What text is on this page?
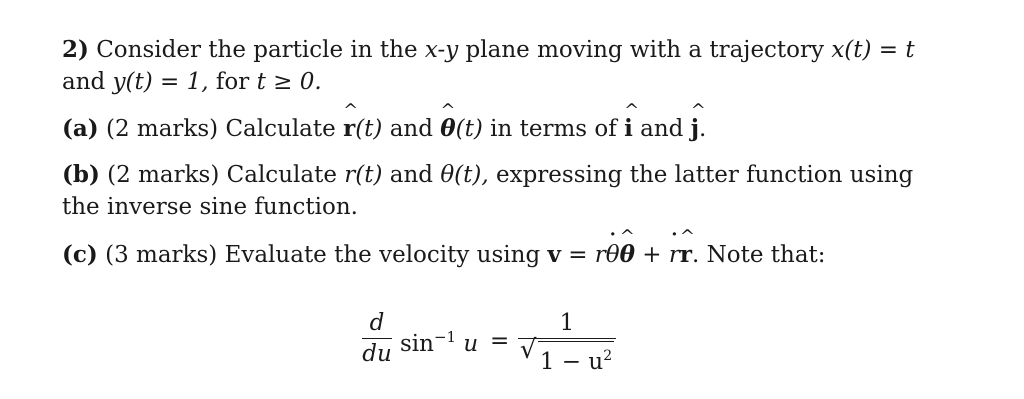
2) Consider the particle in the x-y plane moving with a trajectory x(t) = t
and y(t) = 1, for t ≥ 0.

(a) (2 marks) Calculate
^
r(t) and
^
θ(t) in terms of
^
i and
^
j.

(b) (2 marks) Calculate r(t) and θ(t), expressing the latter function using
the inverse sine function.

(c) (3 marks) Evaluate the velocity using v = r
·
θ
^
θ +
·
r
^
r. Note that:

d
du $\sin^{-1} u$ =
1
√ $1 - u^2$
